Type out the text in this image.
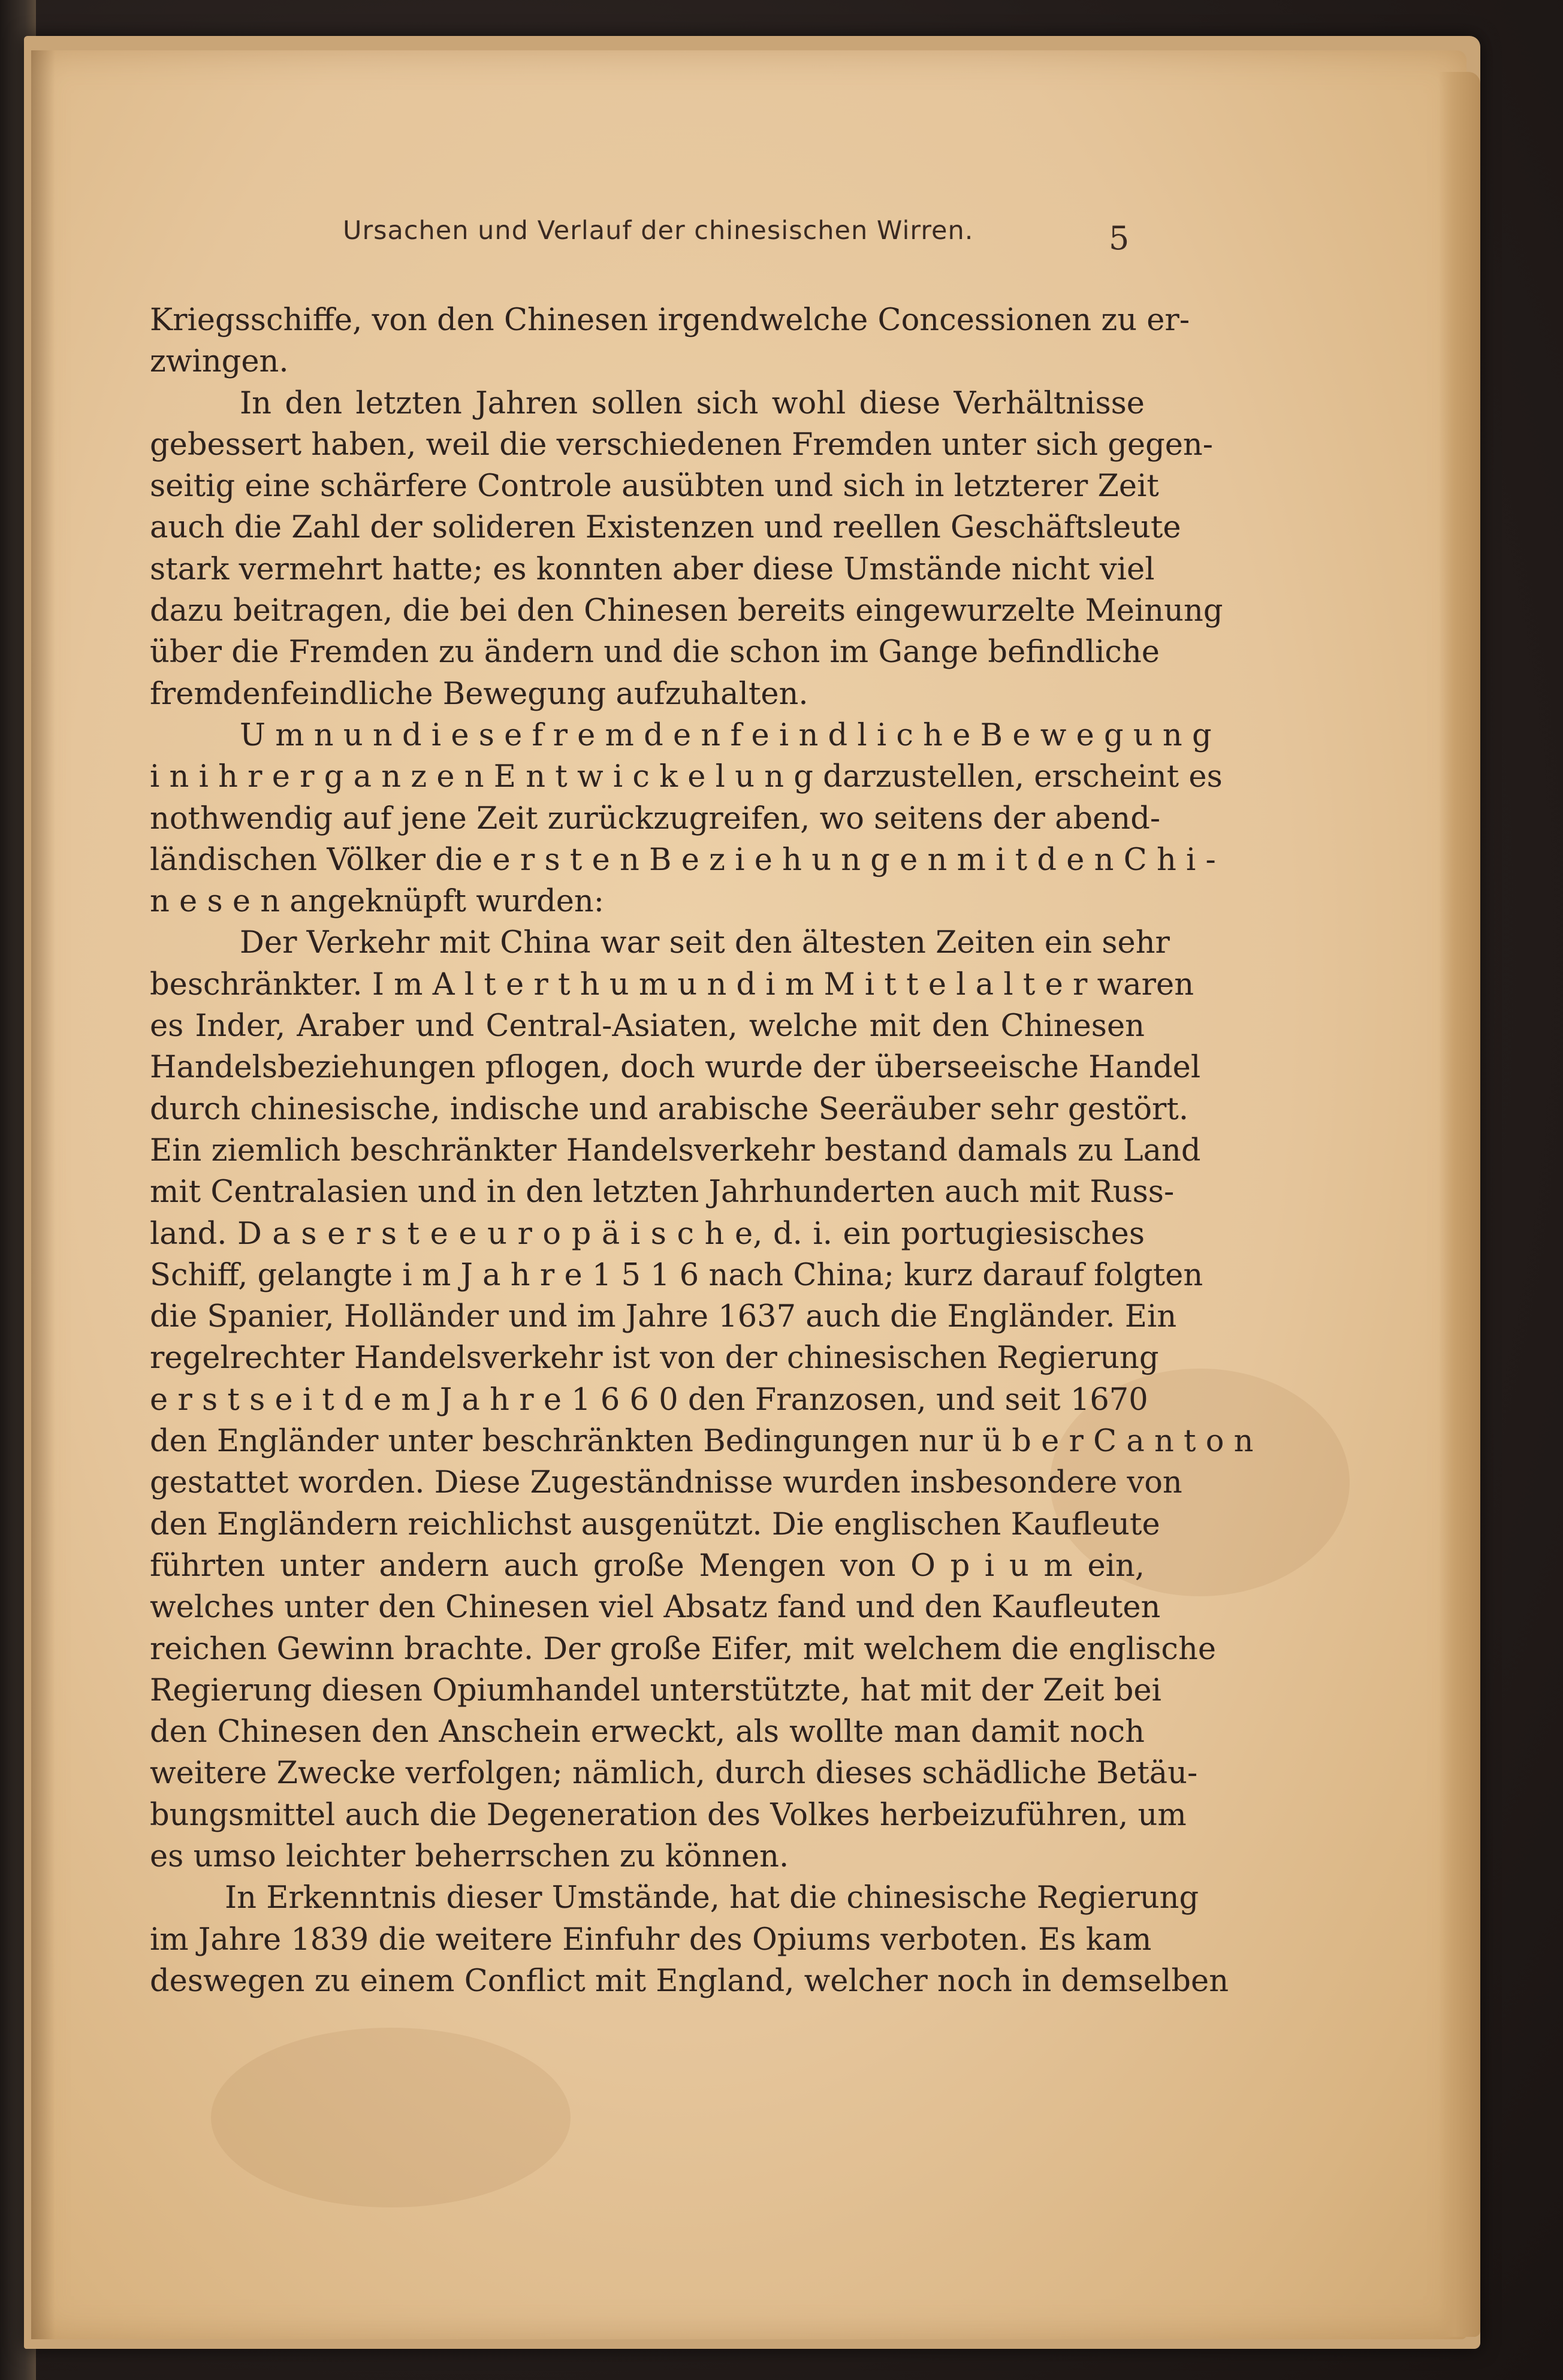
Ursachen und Verlauf der chinesischen Wirren.	5
Kriegsschiffe, von den Chinesen irgendwelche Concessionen zu er-
zwingen.
In den letzten Jahren sollen sich wohl diese Verhältnisse
gebessert haben, weil die verschiedenen Fremden unter sich gegen-
seitig eine schärfere Controle ausübten und sich in letzterer Zeit
auch die Zahl der solideren Existenzen und reellen Geschäftsleute
stark vermehrt hatte; es konnten aber diese Umstände nicht viel
dazu beitragen, die bei den Chinesen bereits eingewurzelte Meinung
über die Fremden zu ändern und die schon im Gange befindliche
fremdenfeindliche Bewegung aufzuhalten.
U m n u n d i e s e f r e m d e n f e i n d l i c h e B e w e g u n g
i n i h r e r g a n z e n E n t w i c k e l u n g darzustellen, erscheint es
nothwendig auf jene Zeit zurückzugreifen, wo seitens der abend-
ländischen Völker die e r s t e n B e z i e h u n g e n m i t d e n C h i -
n e s e n angeknüpft wurden:
Der Verkehr mit China war seit den ältesten Zeiten ein sehr
beschränkter. I m A l t e r t h u m u n d i m M i t t e l a l t e r waren
es Inder, Araber und Central-Asiaten, welche mit den Chinesen
Handelsbeziehungen pflogen, doch wurde der überseeische Handel
durch chinesische, indische und arabische Seeräuber sehr gestört.
Ein ziemlich beschränkter Handelsverkehr bestand damals zu Land
mit Centralasien und in den letzten Jahrhunderten auch mit Russ-
land. D a s e r s t e e u r o p ä i s c h e, d. i. ein portugiesisches
Schiff, gelangte i m J a h r e 1 5 1 6 nach China; kurz darauf folgten
die Spanier, Holländer und im Jahre 1637 auch die Engländer. Ein
regelrechter Handelsverkehr ist von der chinesischen Regierung
e r s t s e i t d e m J a h r e 1 6 6 0 den Franzosen, und seit 1670
den Engländer unter beschränkten Bedingungen nur ü b e r C a n t o n
gestattet worden. Diese Zugeständnisse wurden insbesondere von
den Engländern reichlichst ausgenützt. Die englischen Kaufleute
führten unter andern auch große Mengen von O p i u m ein,
welches unter den Chinesen viel Absatz fand und den Kaufleuten
reichen Gewinn brachte. Der große Eifer, mit welchem die englische
Regierung diesen Opiumhandel unterstützte, hat mit der Zeit bei
den Chinesen den Anschein erweckt, als wollte man damit noch
weitere Zwecke verfolgen; nämlich, durch dieses schädliche Betäu-
bungsmittel auch die Degeneration des Volkes herbeizuführen, um
es umso leichter beherrschen zu können.
In Erkenntnis dieser Umstände, hat die chinesische Regierung
im Jahre 1839 die weitere Einfuhr des Opiums verboten. Es kam
deswegen zu einem Conflict mit England, welcher noch in demselben
